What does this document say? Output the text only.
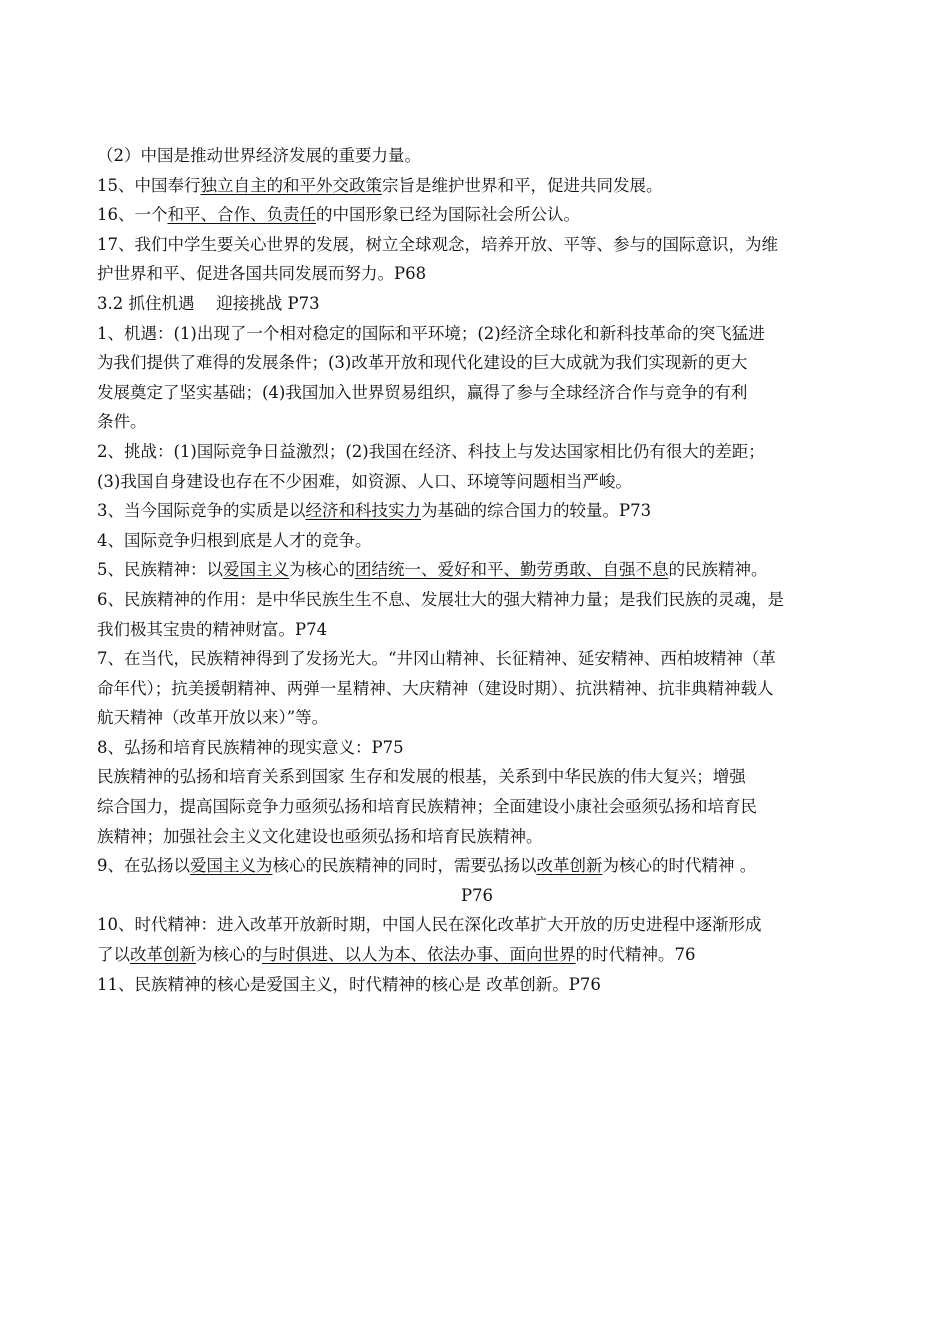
（2）中国是推动世界经济发展的重要力量。
15、中国奉行独立自主的和平外交政策宗旨是维护世界和平，促进共同发展。
16、一个和平、合作、负责任的中国形象已经为国际社会所公认。
17、我们中学生要关心世界的发展，树立全球观念，培养开放、平等、参与的国际意识，为维
护世界和平、促进各国共同发展而努力。P68
3.2 抓住机遇　 迎接挑战 P73
1、机遇：(1)出现了一个相对稳定的国际和平环境；(2)经济全球化和新科技革命的突飞猛进
为我们提供了难得的发展条件；(3)改革开放和现代化建设的巨大成就为我们实现新的更大
发展奠定了坚实基础；(4)我国加入世界贸易组织，赢得了参与全球经济合作与竞争的有利
条件。
2、挑战：(1)国际竞争日益激烈；(2)我国在经济、科技上与发达国家相比仍有很大的差距；
(3)我国自身建设也存在不少困难，如资源、人口、环境等问题相当严峻。
3、当今国际竞争的实质是以经济和科技实力为基础的综合国力的较量。P73
4、国际竞争归根到底是人才的竞争。
5、民族精神：以爱国主义为核心的团结统一、爱好和平、勤劳勇敢、自强不息的民族精神。
6、民族精神的作用：是中华民族生生不息、发展壮大的强大精神力量；是我们民族的灵魂，是
我们极其宝贵的精神财富。P74
7、在当代，民族精神得到了发扬光大。“井冈山精神、长征精神、延安精神、西柏坡精神（革
命年代）；抗美援朝精神、两弹一星精神、大庆精神（建设时期）、抗洪精神、抗非典精神载人
航天精神（改革开放以来）”等。
8、弘扬和培育民族精神的现实意义：P75
民族精神的弘扬和培育关系到国家 生存和发展的根基，关系到中华民族的伟大复兴；增强
综合国力，提高国际竞争力亟须弘扬和培育民族精神；全面建设小康社会亟须弘扬和培育民
族精神；加强社会主义文化建设也亟须弘扬和培育民族精神。
9、在弘扬以爱国主义为核心的民族精神的同时，需要弘扬以改革创新为核心的时代精神 。
P76
10、时代精神：进入改革开放新时期，中国人民在深化改革扩大开放的历史进程中逐渐形成
了以改革创新为核心的与时俱进、以人为本、依法办事、面向世界的时代精神。76
11、民族精神的核心是爱国主义，时代精神的核心是 改革创新。P76
